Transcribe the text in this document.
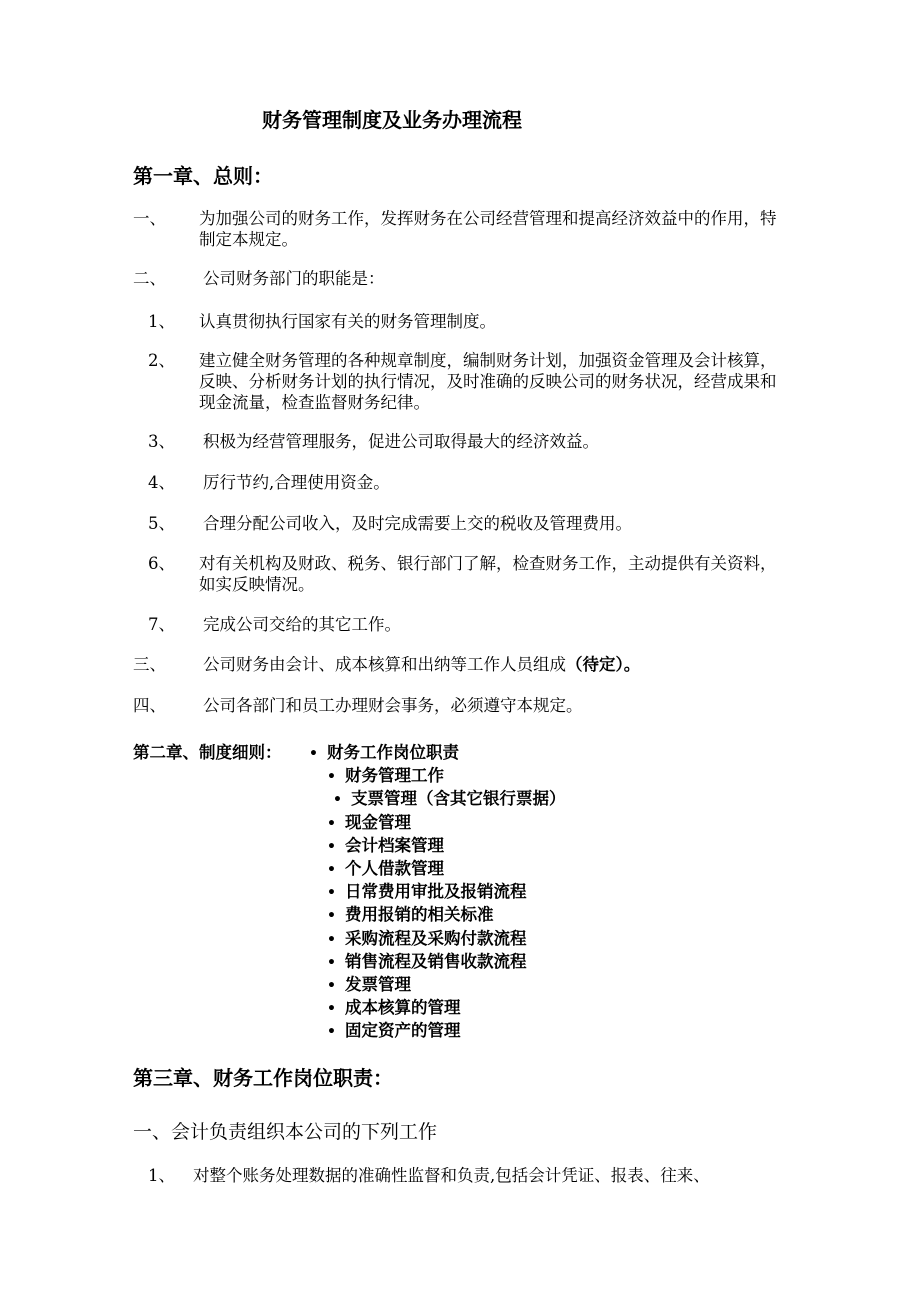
财务管理制度及业务办理流程
第一章、总则：
一、 为加强公司的财务工作，发挥财务在公司经营管理和提高经济效益中的作用，特制定本规定。
二、 公司财务部门的职能是：
1、 认真贯彻执行国家有关的财务管理制度。
2、 建立健全财务管理的各种规章制度，编制财务计划，加强资金管理及会计核算，反映、分析财务计划的执行情况，及时准确的反映公司的财务状况，经营成果和现金流量，检查监督财务纪律。
3、 积极为经营管理服务，促进公司取得最大的经济效益。
4、 厉行节约,合理使用资金。
5、 合理分配公司收入，及时完成需要上交的税收及管理费用。
6、 对有关机构及财政、税务、银行部门了解，检查财务工作，主动提供有关资料，如实反映情况。
7、 完成公司交给的其它工作。
三、 公司财务由会计、成本核算和出纳等工作人员组成（待定）。
四、 公司各部门和员工办理财会事务，必须遵守本规定。
第二章、制度细则： • 财务工作岗位职责
• 财务管理工作
• 支票管理（含其它银行票据）
• 现金管理
• 会计档案管理
• 个人借款管理
• 日常费用审批及报销流程
• 费用报销的相关标准
• 采购流程及采购付款流程
• 销售流程及销售收款流程
• 发票管理
• 成本核算的管理
• 固定资产的管理
第三章、财务工作岗位职责：
一、会计负责组织本公司的下列工作
1、 对整个账务处理数据的准确性监督和负责,包括会计凭证、报表、往来、
